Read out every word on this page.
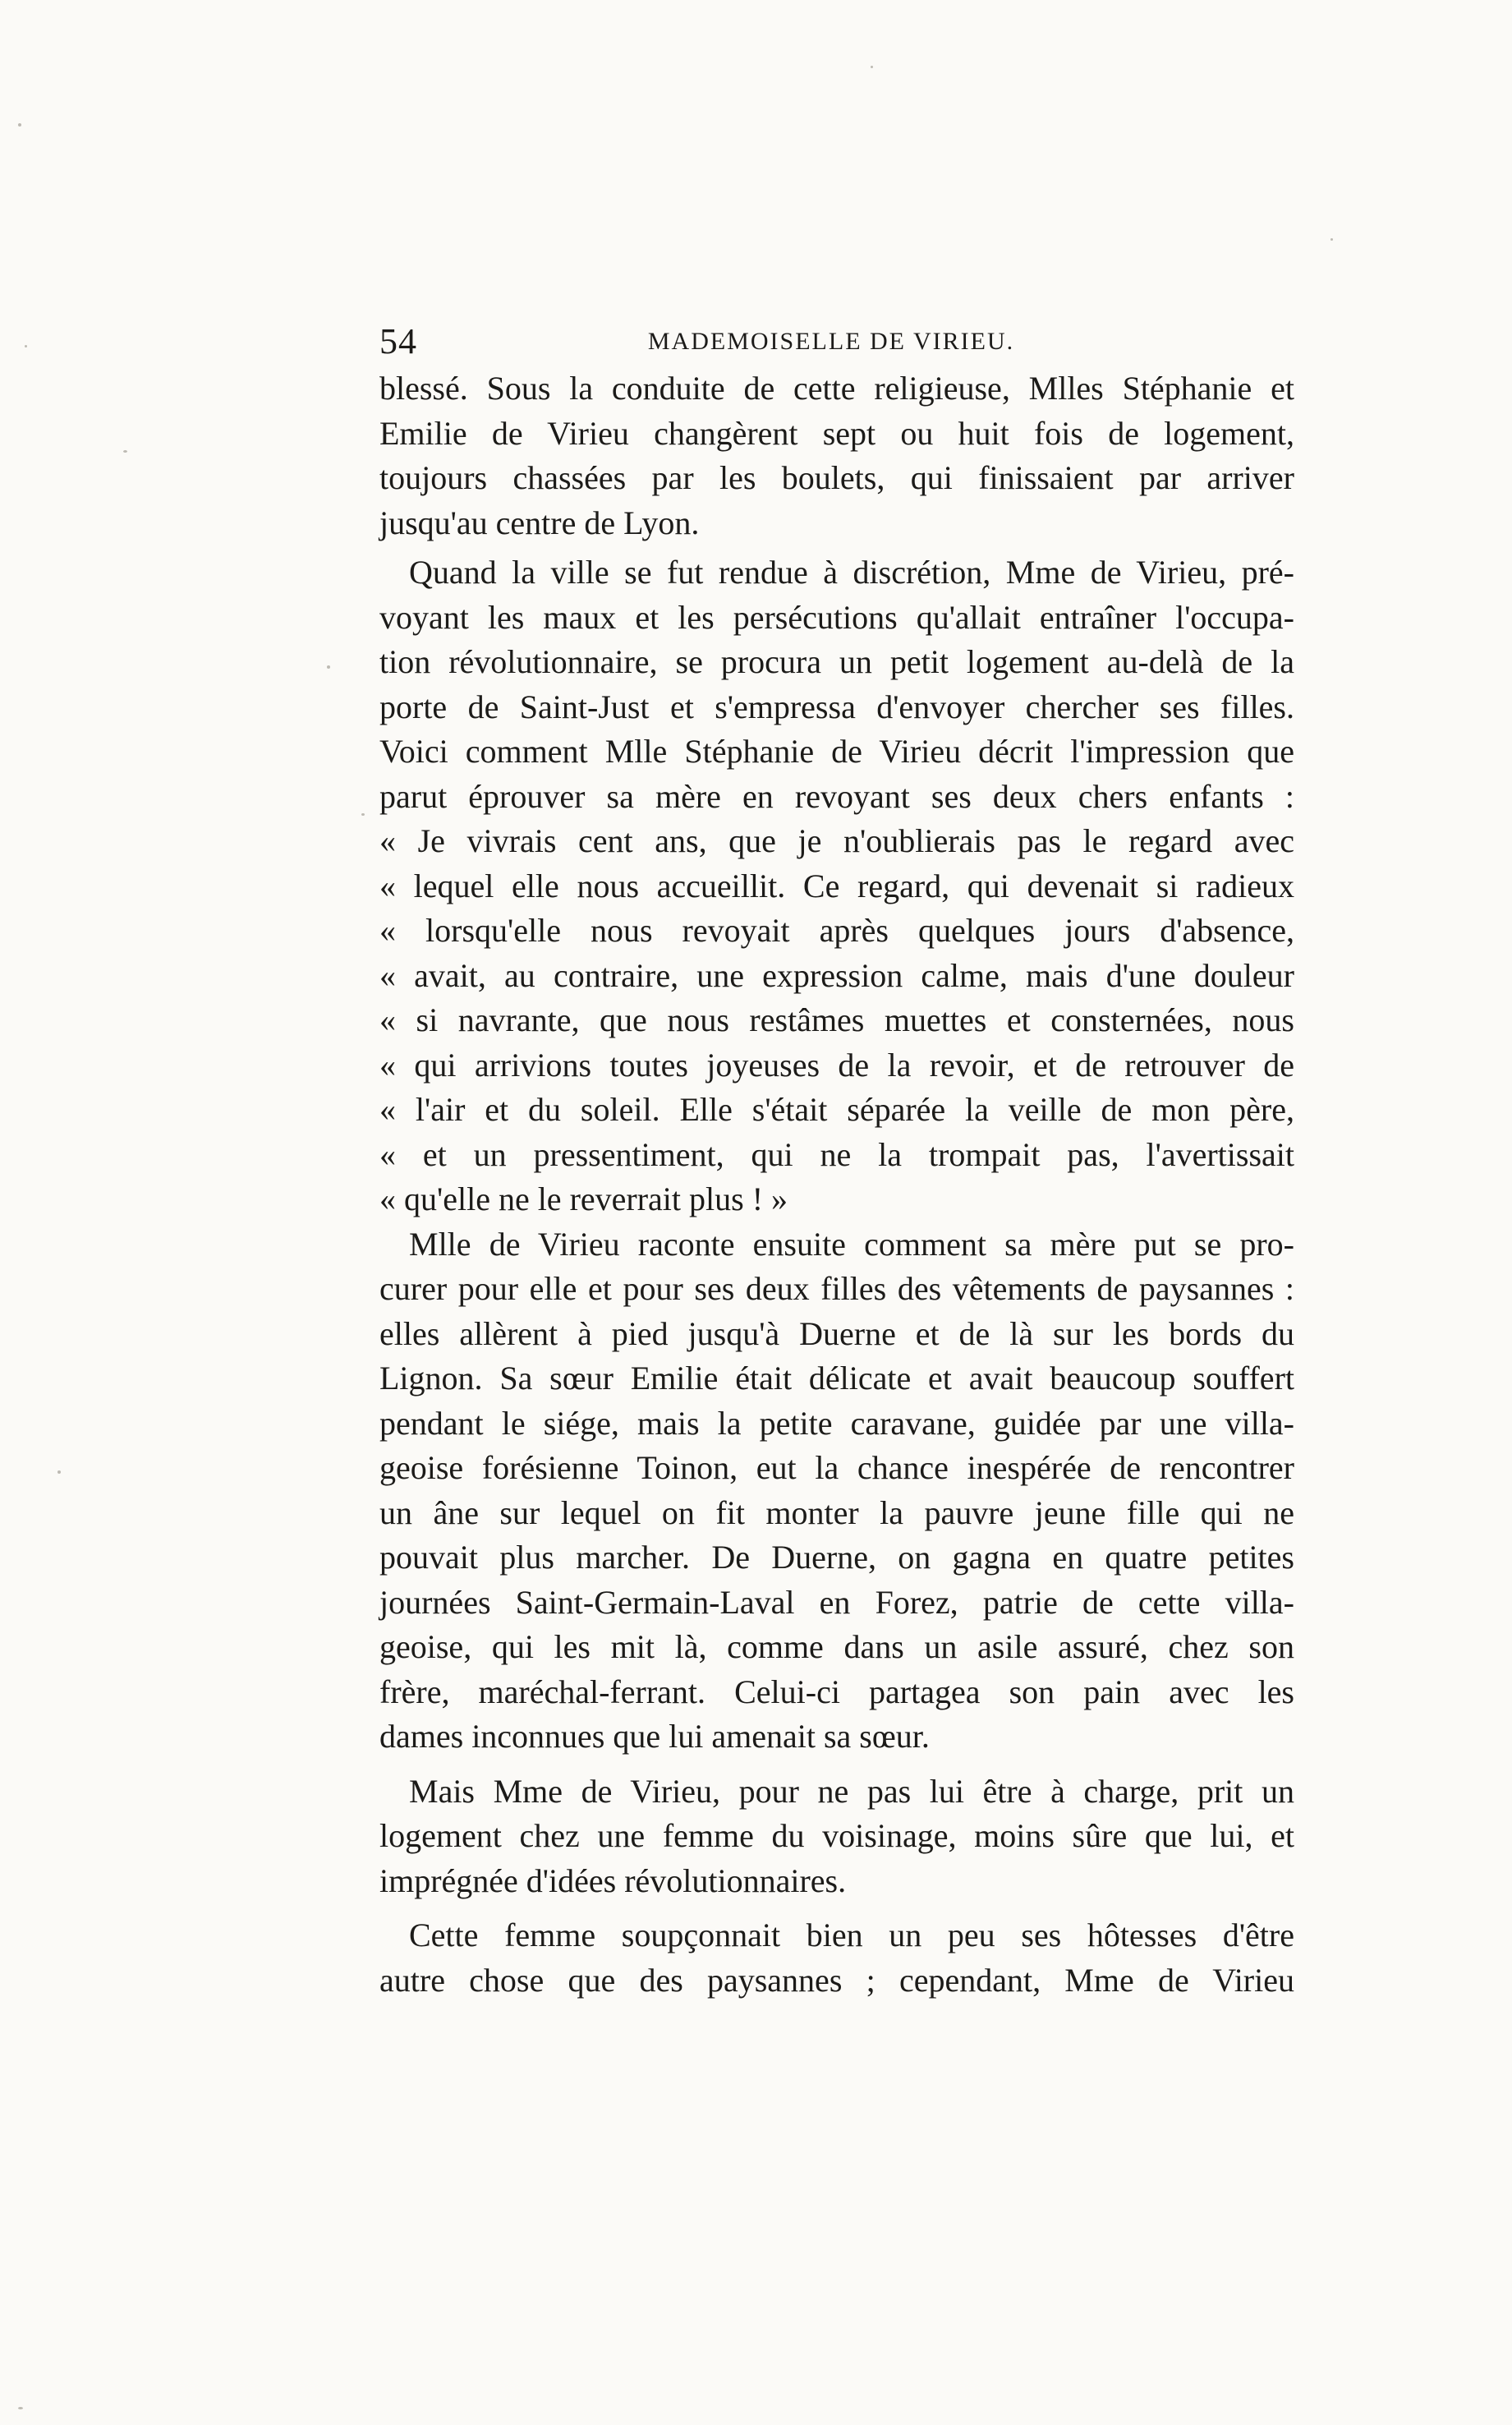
54	MADEMOISELLE DE VIRIEU.
blessé. Sous la conduite de cette religieuse, Mlles Stéphanie et
Emilie de Virieu changèrent sept ou huit fois de logement,
toujours chassées par les boulets, qui finissaient par arriver
jusqu'au centre de Lyon.
Quand la ville se fut rendue à discrétion, Mme de Virieu, pré-
voyant les maux et les persécutions qu'allait entraîner l'occupa-
tion révolutionnaire, se procura un petit logement au-delà de la
porte de Saint-Just et s'empressa d'envoyer chercher ses filles.
Voici comment Mlle Stéphanie de Virieu décrit l'impression que
parut éprouver sa mère en revoyant ses deux chers enfants :
« Je vivrais cent ans, que je n'oublierais pas le regard avec
« lequel elle nous accueillit. Ce regard, qui devenait si radieux
« lorsqu'elle nous revoyait après quelques jours d'absence,
« avait, au contraire, une expression calme, mais d'une douleur
« si navrante, que nous restâmes muettes et consternées, nous
« qui arrivions toutes joyeuses de la revoir, et de retrouver de
« l'air et du soleil. Elle s'était séparée la veille de mon père,
« et un pressentiment, qui ne la trompait pas, l'avertissait
« qu'elle ne le reverrait plus ! »
Mlle de Virieu raconte ensuite comment sa mère put se pro-
curer pour elle et pour ses deux filles des vêtements de paysannes :
elles allèrent à pied jusqu'à Duerne et de là sur les bords du
Lignon. Sa sœur Emilie était délicate et avait beaucoup souffert
pendant le siége, mais la petite caravane, guidée par une villa-
geoise forésienne Toinon, eut la chance inespérée de rencontrer
un âne sur lequel on fit monter la pauvre jeune fille qui ne
pouvait plus marcher. De Duerne, on gagna en quatre petites
journées Saint-Germain-Laval en Forez, patrie de cette villa-
geoise, qui les mit là, comme dans un asile assuré, chez son
frère, maréchal-ferrant. Celui-ci partagea son pain avec les
dames inconnues que lui amenait sa sœur.
Mais Mme de Virieu, pour ne pas lui être à charge, prit un
logement chez une femme du voisinage, moins sûre que lui, et
imprégnée d'idées révolutionnaires.
Cette femme soupçonnait bien un peu ses hôtesses d'être
autre chose que des paysannes ; cependant, Mme de Virieu
